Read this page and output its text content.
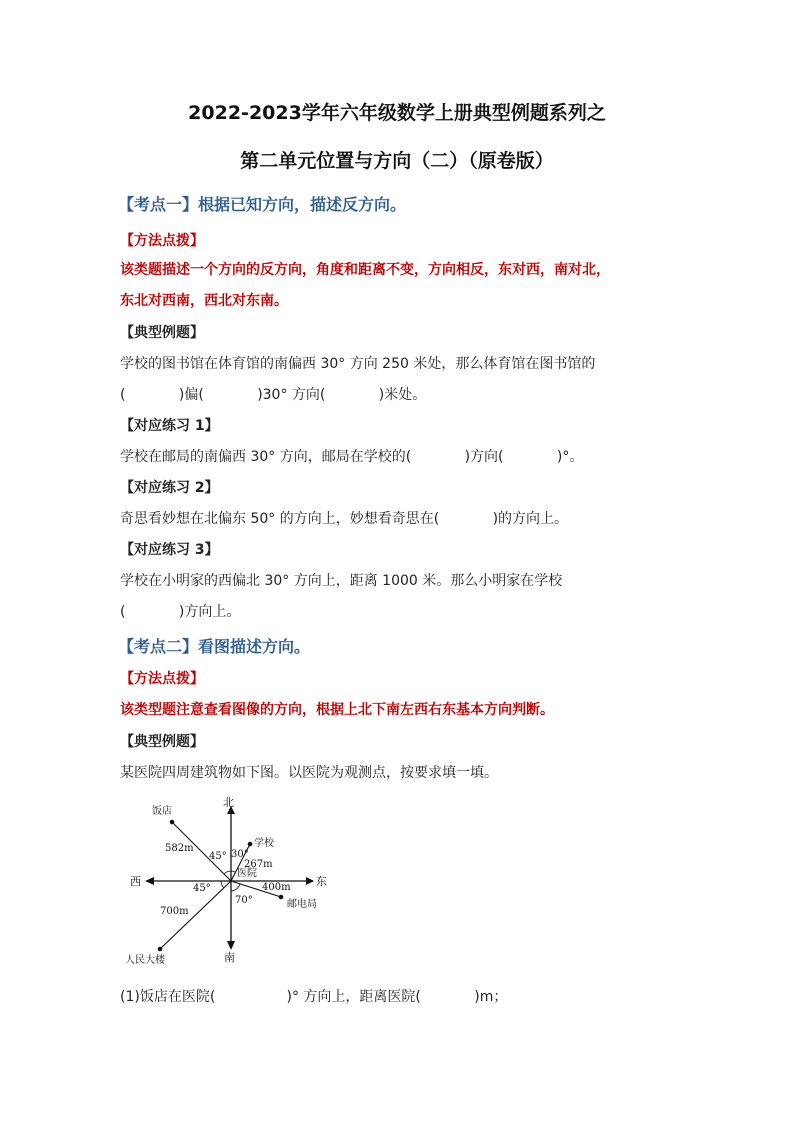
2022-2023学年六年级数学上册典型例题系列之
第二单元位置与方向（二）（原卷版）
【考点一】根据已知方向，描述反方向。
【方法点拨】
该类题描述一个方向的反方向，角度和距离不变，方向相反，东对西，南对北，
东北对西南，西北对东南。
【典型例题】
学校的图书馆在体育馆的南偏西 30° 方向 250 米处，那么体育馆在图书馆的
(            )偏(            )30° 方向(            )米处。
【对应练习 1】
学校在邮局的南偏西 30° 方向，邮局在学校的(            )方向(            )°。
【对应练习 2】
奇思看妙想在北偏东 50° 的方向上，妙想看奇思在(            )的方向上。
【对应练习 3】
学校在小明家的西偏北 30° 方向上，距离 1000 米。那么小明家在学校
(            )方向上。
【考点二】看图描述方向。
【方法点拨】
该类型题注意查看图像的方向，根据上北下南左西右东基本方向判断。
【典型例题】
某医院四周建筑物如下图。以医院为观测点，按要求填一填。
北
南
东
西
医院
饭店
582m
45°
学校
267m
30°
邮电局
400m
70°
人民大楼
700m
45°
(1)饭店在医院(                )° 方向上，距离医院(            )m；
